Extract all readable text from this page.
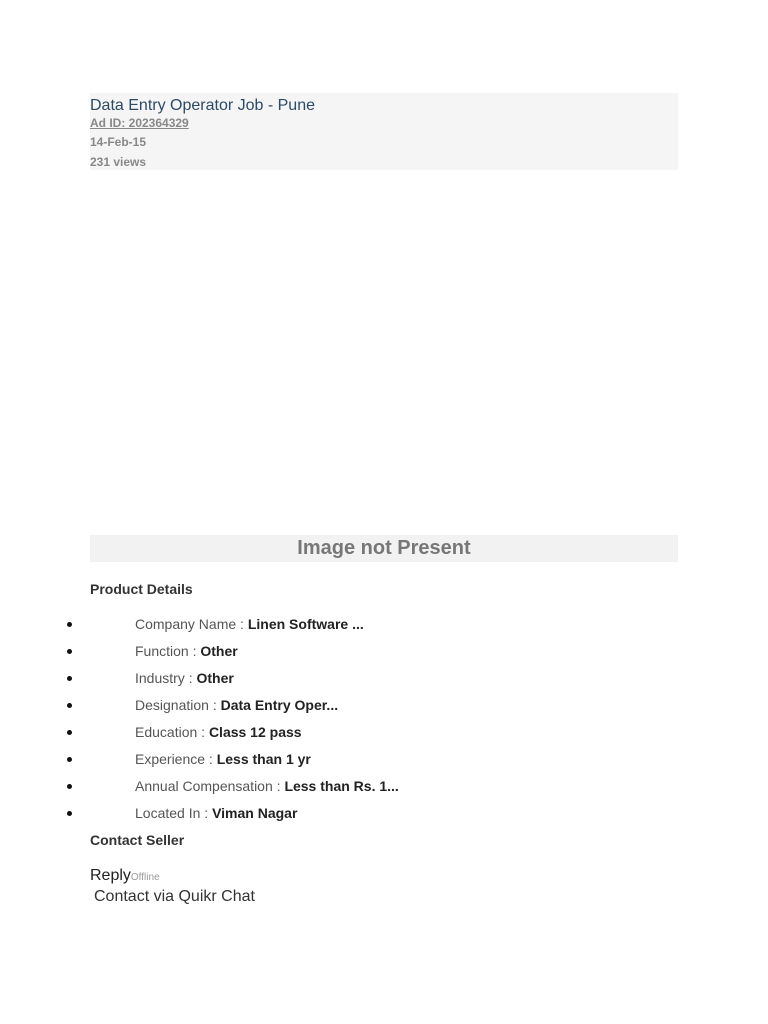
Data Entry Operator Job - Pune
Ad ID: 202364329
14-Feb-15
231 views
Image not Present
Product Details
Company Name : Linen Software ...
Function : Other
Industry : Other
Designation : Data Entry Oper...
Education : Class 12 pass
Experience : Less than 1 yr
Annual Compensation : Less than Rs. 1...
Located In : Viman Nagar
Contact Seller
ReplyOffline
Contact via Quikr Chat
